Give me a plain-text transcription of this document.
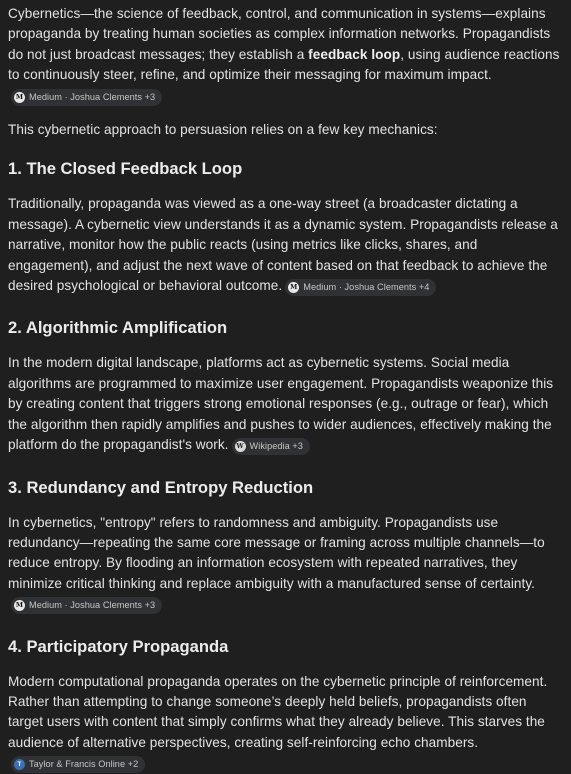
Cybernetics—the science of feedback, control, and communication in systems—explains propaganda by treating human societies as complex information networks. Propagandists do not just broadcast messages; they establish a feedback loop, using audience reactions to continuously steer, refine, and optimize their messaging for maximum impact.
M Medium · Joshua Clements +3

This cybernetic approach to persuasion relies on a few key mechanics:

1. The Closed Feedback Loop

Traditionally, propaganda was viewed as a one-way street (a broadcaster dictating a message). A cybernetic view understands it as a dynamic system. Propagandists release a narrative, monitor how the public reacts (using metrics like clicks, shares, and engagement), and adjust the next wave of content based on that feedback to achieve the desired psychological or behavioral outcome. M Medium · Joshua Clements +4

2. Algorithmic Amplification

In the modern digital landscape, platforms act as cybernetic systems. Social media algorithms are programmed to maximize user engagement. Propagandists weaponize this by creating content that triggers strong emotional responses (e.g., outrage or fear), which the algorithm then rapidly amplifies and pushes to wider audiences, effectively making the platform do the propagandist's work. W Wikipedia +3

3. Redundancy and Entropy Reduction

In cybernetics, "entropy" refers to randomness and ambiguity. Propagandists use redundancy—repeating the same core message or framing across multiple channels—to reduce entropy. By flooding an information ecosystem with repeated narratives, they minimize critical thinking and replace ambiguity with a manufactured sense of certainty.
M Medium · Joshua Clements +3

4. Participatory Propaganda

Modern computational propaganda operates on the cybernetic principle of reinforcement. Rather than attempting to change someone’s deeply held beliefs, propagandists often target users with content that simply confirms what they already believe. This starves the audience of alternative perspectives, creating self-reinforcing echo chambers.
T Taylor & Francis Online +2
